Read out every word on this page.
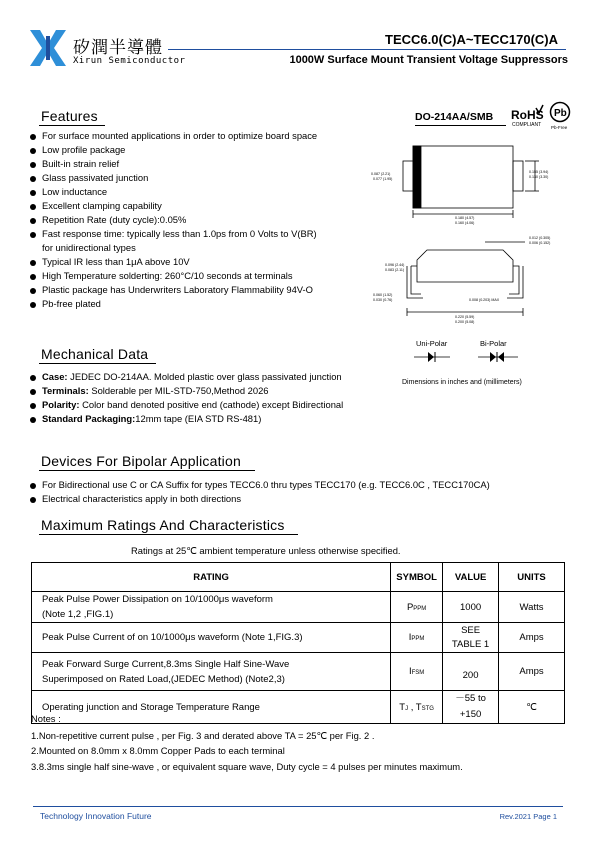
矽潤半導體
Xirun Semiconductor
TECC6.0(C)A~TECC170(C)A
1000W Surface Mount Transient Voltage Suppressors
Features
For surface mounted applications in order to optimize board space
Low profile package
Built-in strain relief
Glass passivated junction
Low inductance
Excellent clamping capability
Repetition Rate (duty cycle):0.05%
Fast response time: typically less than 1.0ps from 0 Volts to V(BR)
for unidirectional types
Typical IR less than 1μA above 10V
High Temperature solderting: 260°C/10 seconds at terminals
Plastic package has Underwriters Laboratory Flammability 94V-O
Pb-free plated
DO-214AA/SMB RoHS
COMPLIANT
Pb
Pb-Free
0.087 (2.21)
0.077 (1.95)
0.155 (3.94)
0.130 (3.30)
0.180 (4.57)
0.160 (4.06)
0.012 (0.305)
0.006 (0.152)
0.096 (2.44)
0.083 (2.11)
0.060 (1.52)
0.030 (0.76)	0.008 (0.203) MAX
0.220 (5.59)
0.200 (5.08)
Uni-Polar	Bi-Polar
Dimensions in inches and (millimeters)
Mechanical Data
Case: JEDEC DO-214AA. Molded plastic over glass passivated junction
Terminals: Solderable per MIL-STD-750,Method 2026
Polarity: Color band denoted positive end (cathode) except Bidirectional
Standard Packaging:12mm tape (EIA STD RS-481)
Devices For Bipolar Application
For Bidirectional use C or CA Suffix for types TECC6.0 thru types TECC170 (e.g. TECC6.0C , TECC170CA)
Electrical characteristics apply in both directions
Maximum Ratings And Characteristics
Ratings at 25℃ ambient temperature unless otherwise specified.
RATING	SYMBOL	VALUE	UNITS
Peak Pulse Power Dissipation on 10/1000μs waveform
(Note 1,2 ,FIG.1)	PPPM	1000	Watts
Peak Pulse Current of on 10/1000μs waveform (Note 1,FIG.3)	IPPM	SEE
TABLE 1	Amps
Peak Forward Surge Current,8.3ms Single Half Sine-Wave
Superimposed on Rated Load,(JEDEC Method) (Note2,3)	IFSM	200	Amps
Operating junction and Storage Temperature Range	TJ , TSTG	－55 to
+150	℃
Notes :
1.Non-repetitive current pulse , per Fig. 3 and derated above TA = 25℃ per Fig. 2 .
2.Mounted on 8.0mm x 8.0mm Copper Pads to each terminal
3.8.3ms single half sine-wave , or equivalent square wave, Duty cycle = 4 pulses per minutes maximum.
Technology Innovation Future	Rev.2021 Page 1
